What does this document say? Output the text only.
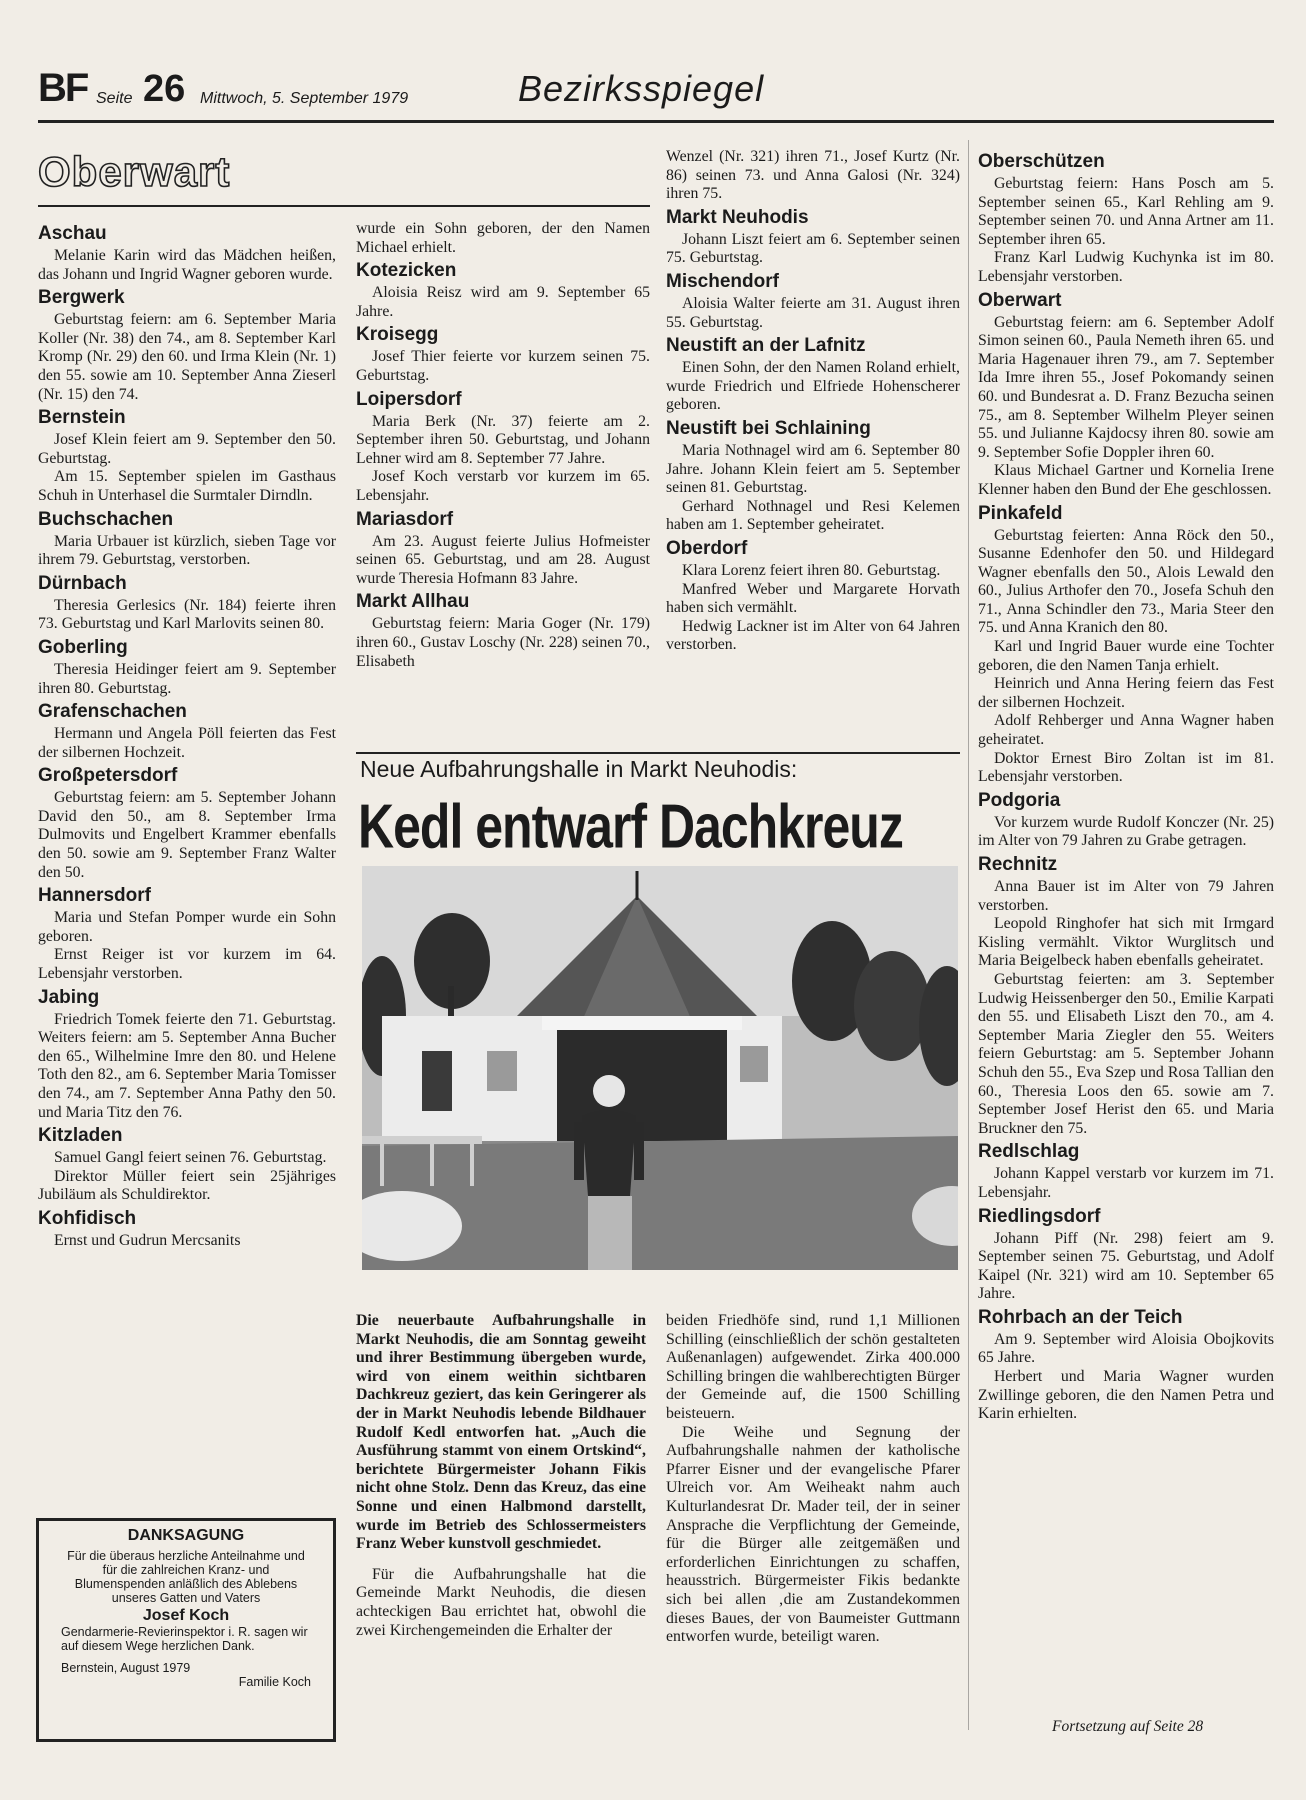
BF Seite 26 Mittwoch, 5. September 1979	Bezirksspiegel
Oberwart
Aschau

Melanie Karin wird das Mädchen heißen, das Johann und Ingrid Wagner geboren wurde.

Bergwerk

Geburtstag feiern: am 6. September Maria Koller (Nr. 38) den 74., am 8. September Karl Kromp (Nr. 29) den 60. und Irma Klein (Nr. 1) den 55. sowie am 10. September Anna Zieserl (Nr. 15) den 74.

Bernstein

Josef Klein feiert am 9. September den 50. Geburtstag.

Am 15. September spielen im Gasthaus Schuh in Unterhasel die Surmtaler Dirndln.

Buchschachen

Maria Urbauer ist kürzlich, sieben Tage vor ihrem 79. Geburtstag, verstorben.

Dürnbach

Theresia Gerlesics (Nr. 184) feierte ihren 73. Geburtstag und Karl Marlovits seinen 80.

Goberling

Theresia Heidinger feiert am 9. September ihren 80. Geburtstag.

Grafenschachen

Hermann und Angela Pöll feierten das Fest der silbernen Hochzeit.

Großpetersdorf

Geburtstag feiern: am 5. September Johann David den 50., am 8. September Irma Dulmovits und Engelbert Krammer ebenfalls den 50. sowie am 9. September Franz Walter den 50.

Hannersdorf

Maria und Stefan Pomper wurde ein Sohn geboren.

Ernst Reiger ist vor kurzem im 64. Lebensjahr verstorben.

Jabing

Friedrich Tomek feierte den 71. Geburtstag. Weiters feiern: am 5. September Anna Bucher den 65., Wilhelmine Imre den 80. und Helene Toth den 82., am 6. September Maria Tomisser den 74., am 7. September Anna Pathy den 50. und Maria Titz den 76.

Kitzladen

Samuel Gangl feiert seinen 76. Geburtstag.

Direktor Müller feiert sein 25jähriges Jubiläum als Schuldirektor.

Kohfidisch

Ernst und Gudrun Mercsanits

wurde ein Sohn geboren, der den Namen Michael erhielt.

Kotezicken

Aloisia Reisz wird am 9. September 65 Jahre.

Kroisegg

Josef Thier feierte vor kurzem seinen 75. Geburtstag.

Loipersdorf

Maria Berk (Nr. 37) feierte am 2. September ihren 50. Geburtstag, und Johann Lehner wird am 8. September 77 Jahre.

Josef Koch verstarb vor kurzem im 65. Lebensjahr.

Mariasdorf

Am 23. August feierte Julius Hofmeister seinen 65. Geburtstag, und am 28. August wurde Theresia Hofmann 83 Jahre.

Markt Allhau

Geburtstag feiern: Maria Goger (Nr. 179) ihren 60., Gustav Loschy (Nr. 228) seinen 70., Elisabeth

Wenzel (Nr. 321) ihren 71., Josef Kurtz (Nr. 86) seinen 73. und Anna Galosi (Nr. 324) ihren 75.

Markt Neuhodis

Johann Liszt feiert am 6. September seinen 75. Geburtstag.

Mischendorf

Aloisia Walter feierte am 31. August ihren 55. Geburtstag.

Neustift an der Lafnitz

Einen Sohn, der den Namen Roland erhielt, wurde Friedrich und Elfriede Hohenscherer geboren.

Neustift bei Schlaining

Maria Nothnagel wird am 6. September 80 Jahre. Johann Klein feiert am 5. September seinen 81. Geburtstag.

Gerhard Nothnagel und Resi Kelemen haben am 1. September geheiratet.

Oberdorf

Klara Lorenz feiert ihren 80. Geburtstag.

Manfred Weber und Margarete Horvath haben sich vermählt.

Hedwig Lackner ist im Alter von 64 Jahren verstorben.

Oberschützen

Geburtstag feiern: Hans Posch am 5. September seinen 65., Karl Rehling am 9. September seinen 70. und Anna Artner am 11. September ihren 65.

Franz Karl Ludwig Kuchynka ist im 80. Lebensjahr verstorben.

Oberwart

Geburtstag feiern: am 6. September Adolf Simon seinen 60., Paula Nemeth ihren 65. und Maria Hagenauer ihren 79., am 7. September Ida Imre ihren 55., Josef Pokomandy seinen 60. und Bundesrat a. D. Franz Bezucha seinen 75., am 8. September Wilhelm Pleyer seinen 55. und Julianne Kajdocsy ihren 80. sowie am 9. September Sofie Doppler ihren 60.

Klaus Michael Gartner und Kornelia Irene Klenner haben den Bund der Ehe geschlossen.

Pinkafeld

Geburtstag feierten: Anna Röck den 50., Susanne Edenhofer den 50. und Hildegard Wagner ebenfalls den 50., Alois Lewald den 60., Julius Arthofer den 70., Josefa Schuh den 71., Anna Schindler den 73., Maria Steer den 75. und Anna Kranich den 80.

Karl und Ingrid Bauer wurde eine Tochter geboren, die den Namen Tanja erhielt.

Heinrich und Anna Hering feiern das Fest der silbernen Hochzeit.

Adolf Rehberger und Anna Wagner haben geheiratet.

Doktor Ernest Biro Zoltan ist im 81. Lebensjahr verstorben.

Podgoria

Vor kurzem wurde Rudolf Konczer (Nr. 25) im Alter von 79 Jahren zu Grabe getragen.

Rechnitz

Anna Bauer ist im Alter von 79 Jahren verstorben.

Leopold Ringhofer hat sich mit Irmgard Kisling vermählt. Viktor Wurglitsch und Maria Beigelbeck haben ebenfalls geheiratet.

Geburtstag feierten: am 3. September Ludwig Heissenberger den 50., Emilie Karpati den 55. und Elisabeth Liszt den 70., am 4. September Maria Ziegler den 55. Weiters feiern Geburtstag: am 5. September Johann Schuh den 55., Eva Szep und Rosa Tallian den 60., Theresia Loos den 65. sowie am 7. September Josef Herist den 65. und Maria Bruckner den 75.

Redlschlag

Johann Kappel verstarb vor kurzem im 71. Lebensjahr.

Riedlingsdorf

Johann Piff (Nr. 298) feiert am 9. September seinen 75. Geburtstag, und Adolf Kaipel (Nr. 321) wird am 10. September 65 Jahre.

Rohrbach an der Teich

Am 9. September wird Aloisia Obojkovits 65 Jahre.

Herbert und Maria Wagner wurden Zwillinge geboren, die den Namen Petra und Karin erhielten.

DANKSAGUNG
Für die überaus herzliche Anteilnahme und für die zahlreichen Kranz- und Blumenspenden anläßlich des Ablebens unseres Gatten und Vaters
Josef Koch
Gendarmerie-Revierinspektor i. R. sagen wir auf diesem Wege herzlichen Dank.
Bernstein, August 1979
Familie Koch
Neue Aufbahrungshalle in Markt Neuhodis:
Kedl entwarf Dachkreuz

Die neuerbaute Aufbahrungshalle in Markt Neuhodis, die am Sonntag geweiht und ihrer Bestimmung übergeben wurde, wird von einem weithin sichtbaren Dachkreuz geziert, das kein Geringerer als der in Markt Neuhodis lebende Bildhauer Rudolf Kedl entworfen hat. „Auch die Ausführung stammt von einem Ortskind“, berichtete Bürgermeister Johann Fikis nicht ohne Stolz. Denn das Kreuz, das eine Sonne und einen Halbmond darstellt, wurde im Betrieb des Schlossermeisters Franz Weber kunstvoll geschmiedet.

Für die Aufbahrungshalle hat die Gemeinde Markt Neuhodis, die diesen achteckigen Bau errichtet hat, obwohl die zwei Kirchengemeinden die Erhalter der

beiden Friedhöfe sind, rund 1,1 Millionen Schilling (einschließlich der schön gestalteten Außenanlagen) aufgewendet. Zirka 400.000 Schilling bringen die wahlberechtigten Bürger der Gemeinde auf, die 1500 Schilling beisteuern.

Die Weihe und Segnung der Aufbahrungshalle nahmen der katholische Pfarrer Eisner und der evangelische Pfarer Ulreich vor. Am Weiheakt nahm auch Kulturlandesrat Dr. Mader teil, der in seiner Ansprache die Verpflichtung der Gemeinde, für die Bürger alle zeitgemäßen und erforderlichen Einrichtungen zu schaffen, heausstrich. Bürgermeister Fikis bedankte sich bei allen ‚die am Zustandekommen dieses Baues, der von Baumeister Guttmann entworfen wurde, beteiligt waren.

Fortsetzung auf Seite 28
